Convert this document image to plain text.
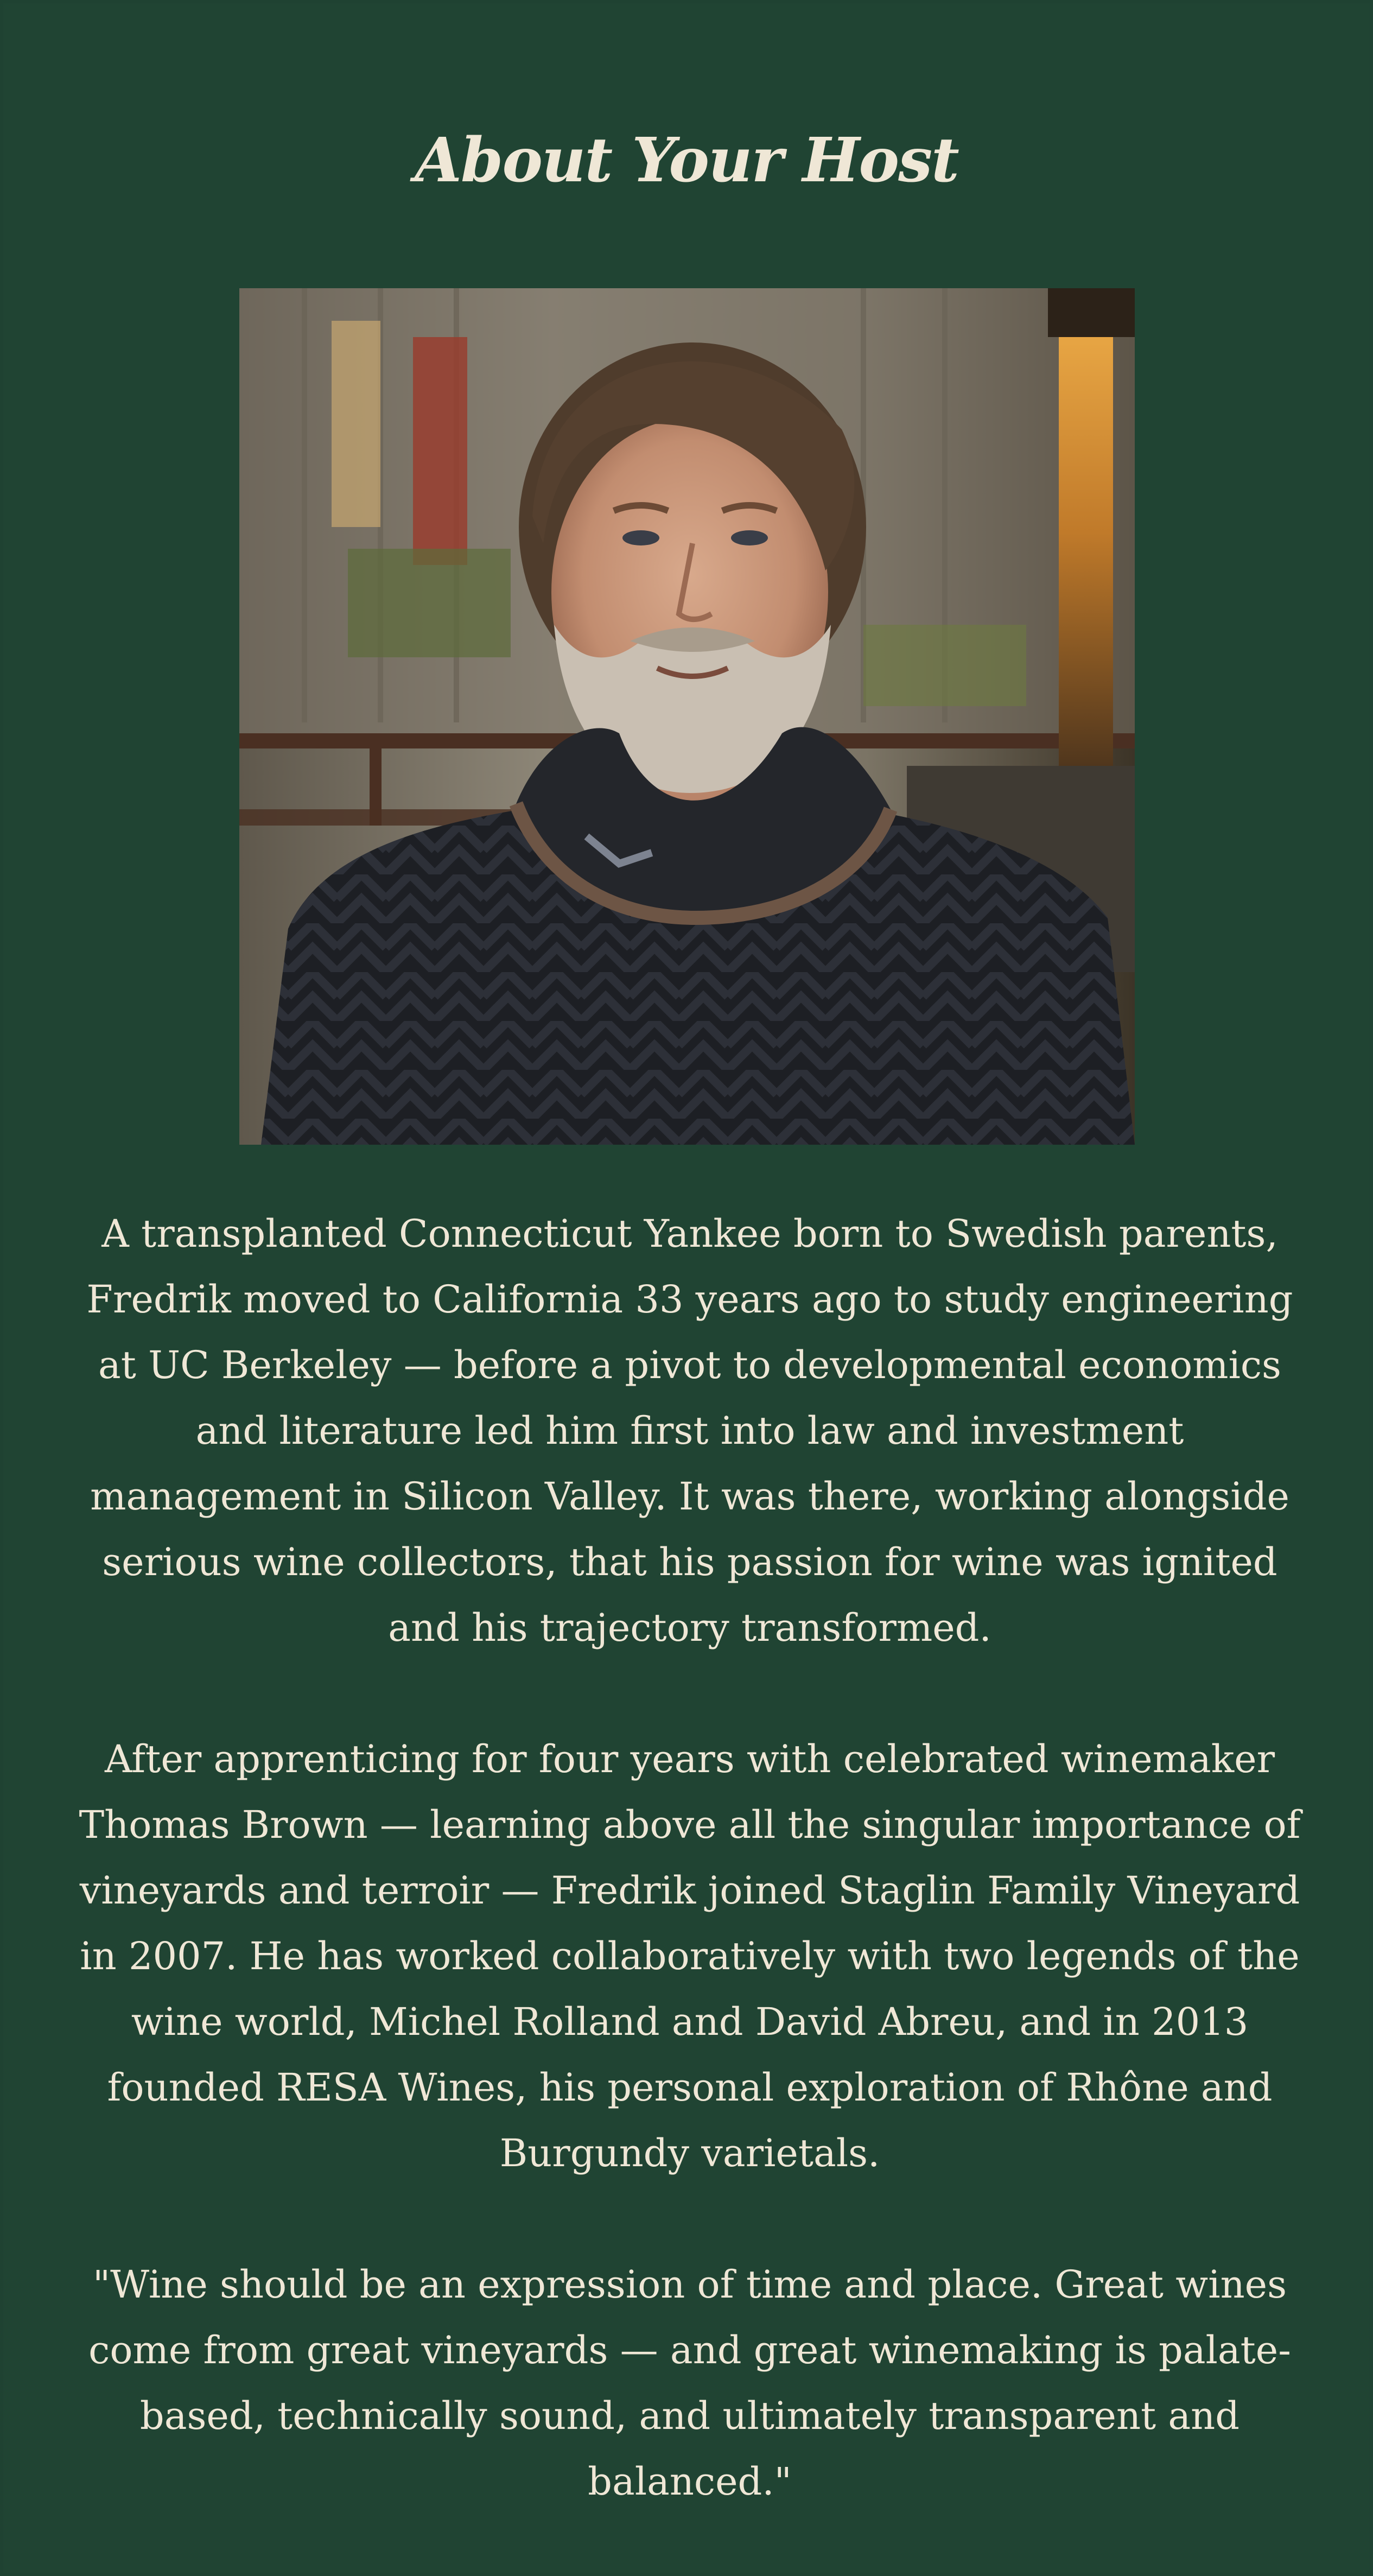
About Your Host
A transplanted Connecticut Yankee born to Swedish parents, Fredrik moved to California 33 years ago to study engineering at UC Berkeley — before a pivot to developmental economics and literature led him first into law and investment management in Silicon Valley. It was there, working alongside serious wine collectors, that his passion for wine was ignited and his trajectory transformed.
After apprenticing for four years with celebrated winemaker Thomas Brown — learning above all the singular importance of vineyards and terroir — Fredrik joined Staglin Family Vineyard in 2007. He has worked collaboratively with two legends of the wine world, Michel Rolland and David Abreu, and in 2013 founded RESA Wines, his personal exploration of Rhône and Burgundy varietals.
"Wine should be an expression of time and place. Great wines come from great vineyards — and great winemaking is palate-based, technically sound, and ultimately transparent and balanced."
